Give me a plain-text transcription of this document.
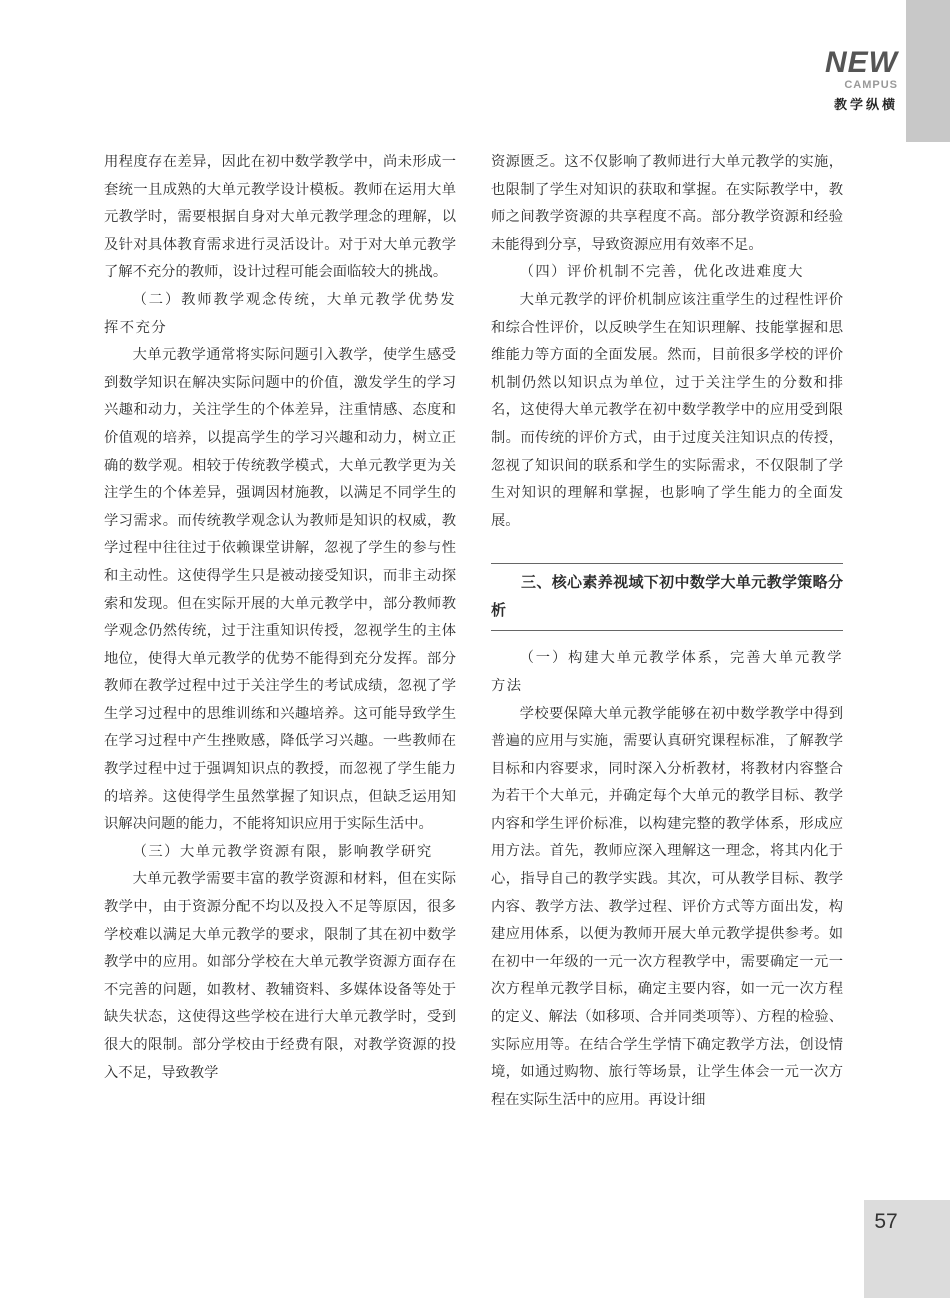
57
NEW
CAMPUS
教学纵横

用程度存在差异，因此在初中数学教学中，尚未形成一套统一且成熟的大单元教学设计模板。教师在运用大单元教学时，需要根据自身对大单元教学理念的理解，以及针对具体教育需求进行灵活设计。对于对大单元教学了解不充分的教师，设计过程可能会面临较大的挑战。

（二）教师教学观念传统，大单元教学优势发挥不充分

大单元教学通常将实际问题引入教学，使学生感受到数学知识在解决实际问题中的价值，激发学生的学习兴趣和动力，关注学生的个体差异，注重情感、态度和价值观的培养，以提高学生的学习兴趣和动力，树立正确的数学观。相较于传统教学模式，大单元教学更为关注学生的个体差异，强调因材施教，以满足不同学生的学习需求。而传统教学观念认为教师是知识的权威，教学过程中往往过于依赖课堂讲解，忽视了学生的参与性和主动性。这使得学生只是被动接受知识，而非主动探索和发现。但在实际开展的大单元教学中，部分教师教学观念仍然传统，过于注重知识传授，忽视学生的主体地位，使得大单元教学的优势不能得到充分发挥。部分教师在教学过程中过于关注学生的考试成绩，忽视了学生学习过程中的思维训练和兴趣培养。这可能导致学生在学习过程中产生挫败感，降低学习兴趣。一些教师在教学过程中过于强调知识点的教授，而忽视了学生能力的培养。这使得学生虽然掌握了知识点，但缺乏运用知识解决问题的能力，不能将知识应用于实际生活中。

（三）大单元教学资源有限，影响教学研究

大单元教学需要丰富的教学资源和材料，但在实际教学中，由于资源分配不均以及投入不足等原因，很多学校难以满足大单元教学的要求，限制了其在初中数学教学中的应用。如部分学校在大单元教学资源方面存在不完善的问题，如教材、教辅资料、多媒体设备等处于缺失状态，这使得这些学校在进行大单元教学时，受到很大的限制。部分学校由于经费有限，对教学资源的投入不足，导致教学

资源匮乏。这不仅影响了教师进行大单元教学的实施，也限制了学生对知识的获取和掌握。在实际教学中，教师之间教学资源的共享程度不高。部分教学资源和经验未能得到分享，导致资源应用有效率不足。

（四）评价机制不完善，优化改进难度大

大单元教学的评价机制应该注重学生的过程性评价和综合性评价，以反映学生在知识理解、技能掌握和思维能力等方面的全面发展。然而，目前很多学校的评价机制仍然以知识点为单位，过于关注学生的分数和排名，这使得大单元教学在初中数学教学中的应用受到限制。而传统的评价方式，由于过度关注知识点的传授，忽视了知识间的联系和学生的实际需求，不仅限制了学生对知识的理解和掌握，也影响了学生能力的全面发展。

三、核心素养视域下初中数学大单元教学策略分析

（一）构建大单元教学体系，完善大单元教学方法

学校要保障大单元教学能够在初中数学教学中得到普遍的应用与实施，需要认真研究课程标准，了解教学目标和内容要求，同时深入分析教材，将教材内容整合为若干个大单元，并确定每个大单元的教学目标、教学内容和学生评价标准，以构建完整的教学体系，形成应用方法。首先，教师应深入理解这一理念，将其内化于心，指导自己的教学实践。其次，可从教学目标、教学内容、教学方法、教学过程、评价方式等方面出发，构建应用体系，以便为教师开展大单元教学提供参考。如在初中一年级的一元一次方程教学中，需要确定一元一次方程单元教学目标，确定主要内容，如一元一次方程的定义、解法（如移项、合并同类项等）、方程的检验、实际应用等。在结合学生学情下确定教学方法，创设情境，如通过购物、旅行等场景，让学生体会一元一次方程在实际生活中的应用。再设计细
